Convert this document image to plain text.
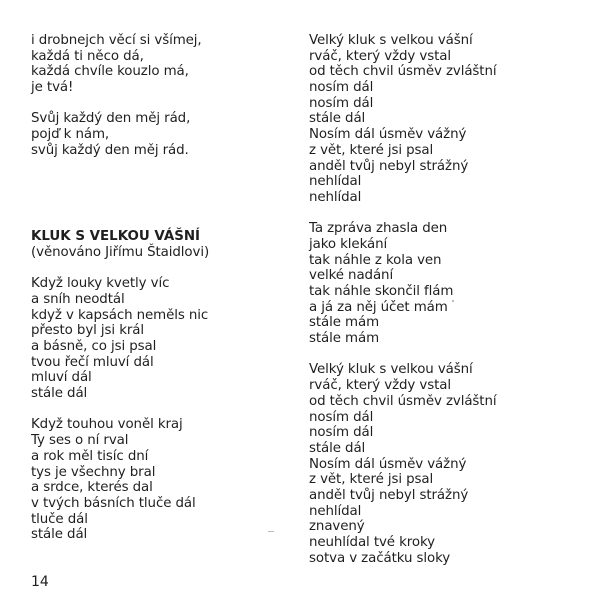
i drobnejch věcí si všímej,
každá ti něco dá,
každá chvíle kouzlo má,
je tvá!
Svůj každý den měj rád,
pojď k nám,
svůj každý den měj rád.
KLUK S VELKOU VÁŠNÍ
(věnováno Jiřímu Štaidlovi)
Když louky kvetly víc
a sníh neodtál
když v kapsách neměls nic
přesto byl jsi král
a básně, co jsi psal
tvou řečí mluví dál
mluví dál
stále dál
Když touhou voněl kraj
Ty ses o ní rval
a rok měl tisíc dní
tys je všechny bral
a srdce, kterés dal
v tvých básních tluče dál
tluče dál
stále dál
Velký kluk s velkou vášní
rváč, který vždy vstal
od těch chvil úsměv zvláštní
nosím dál
nosím dál
stále dál
Nosím dál úsměv vážný
z vět, které jsi psal
anděl tvůj nebyl strážný
nehlídal
nehlídal
Ta zpráva zhasla den
jako klekání
tak náhle z kola ven
velké nadání
tak náhle skončil flám
a já za něj účet mám
stále mám
stále mám
Velký kluk s velkou vášní
rváč, který vždy vstal
od těch chvil úsměv zvláštní
nosím dál
nosím dál
stále dál
Nosím dál úsměv vážný
z vět, které jsi psal
anděl tvůj nebyl strážný
nehlídal
znavený
neuhlídal tvé kroky
sotva v začátku sloky
14
